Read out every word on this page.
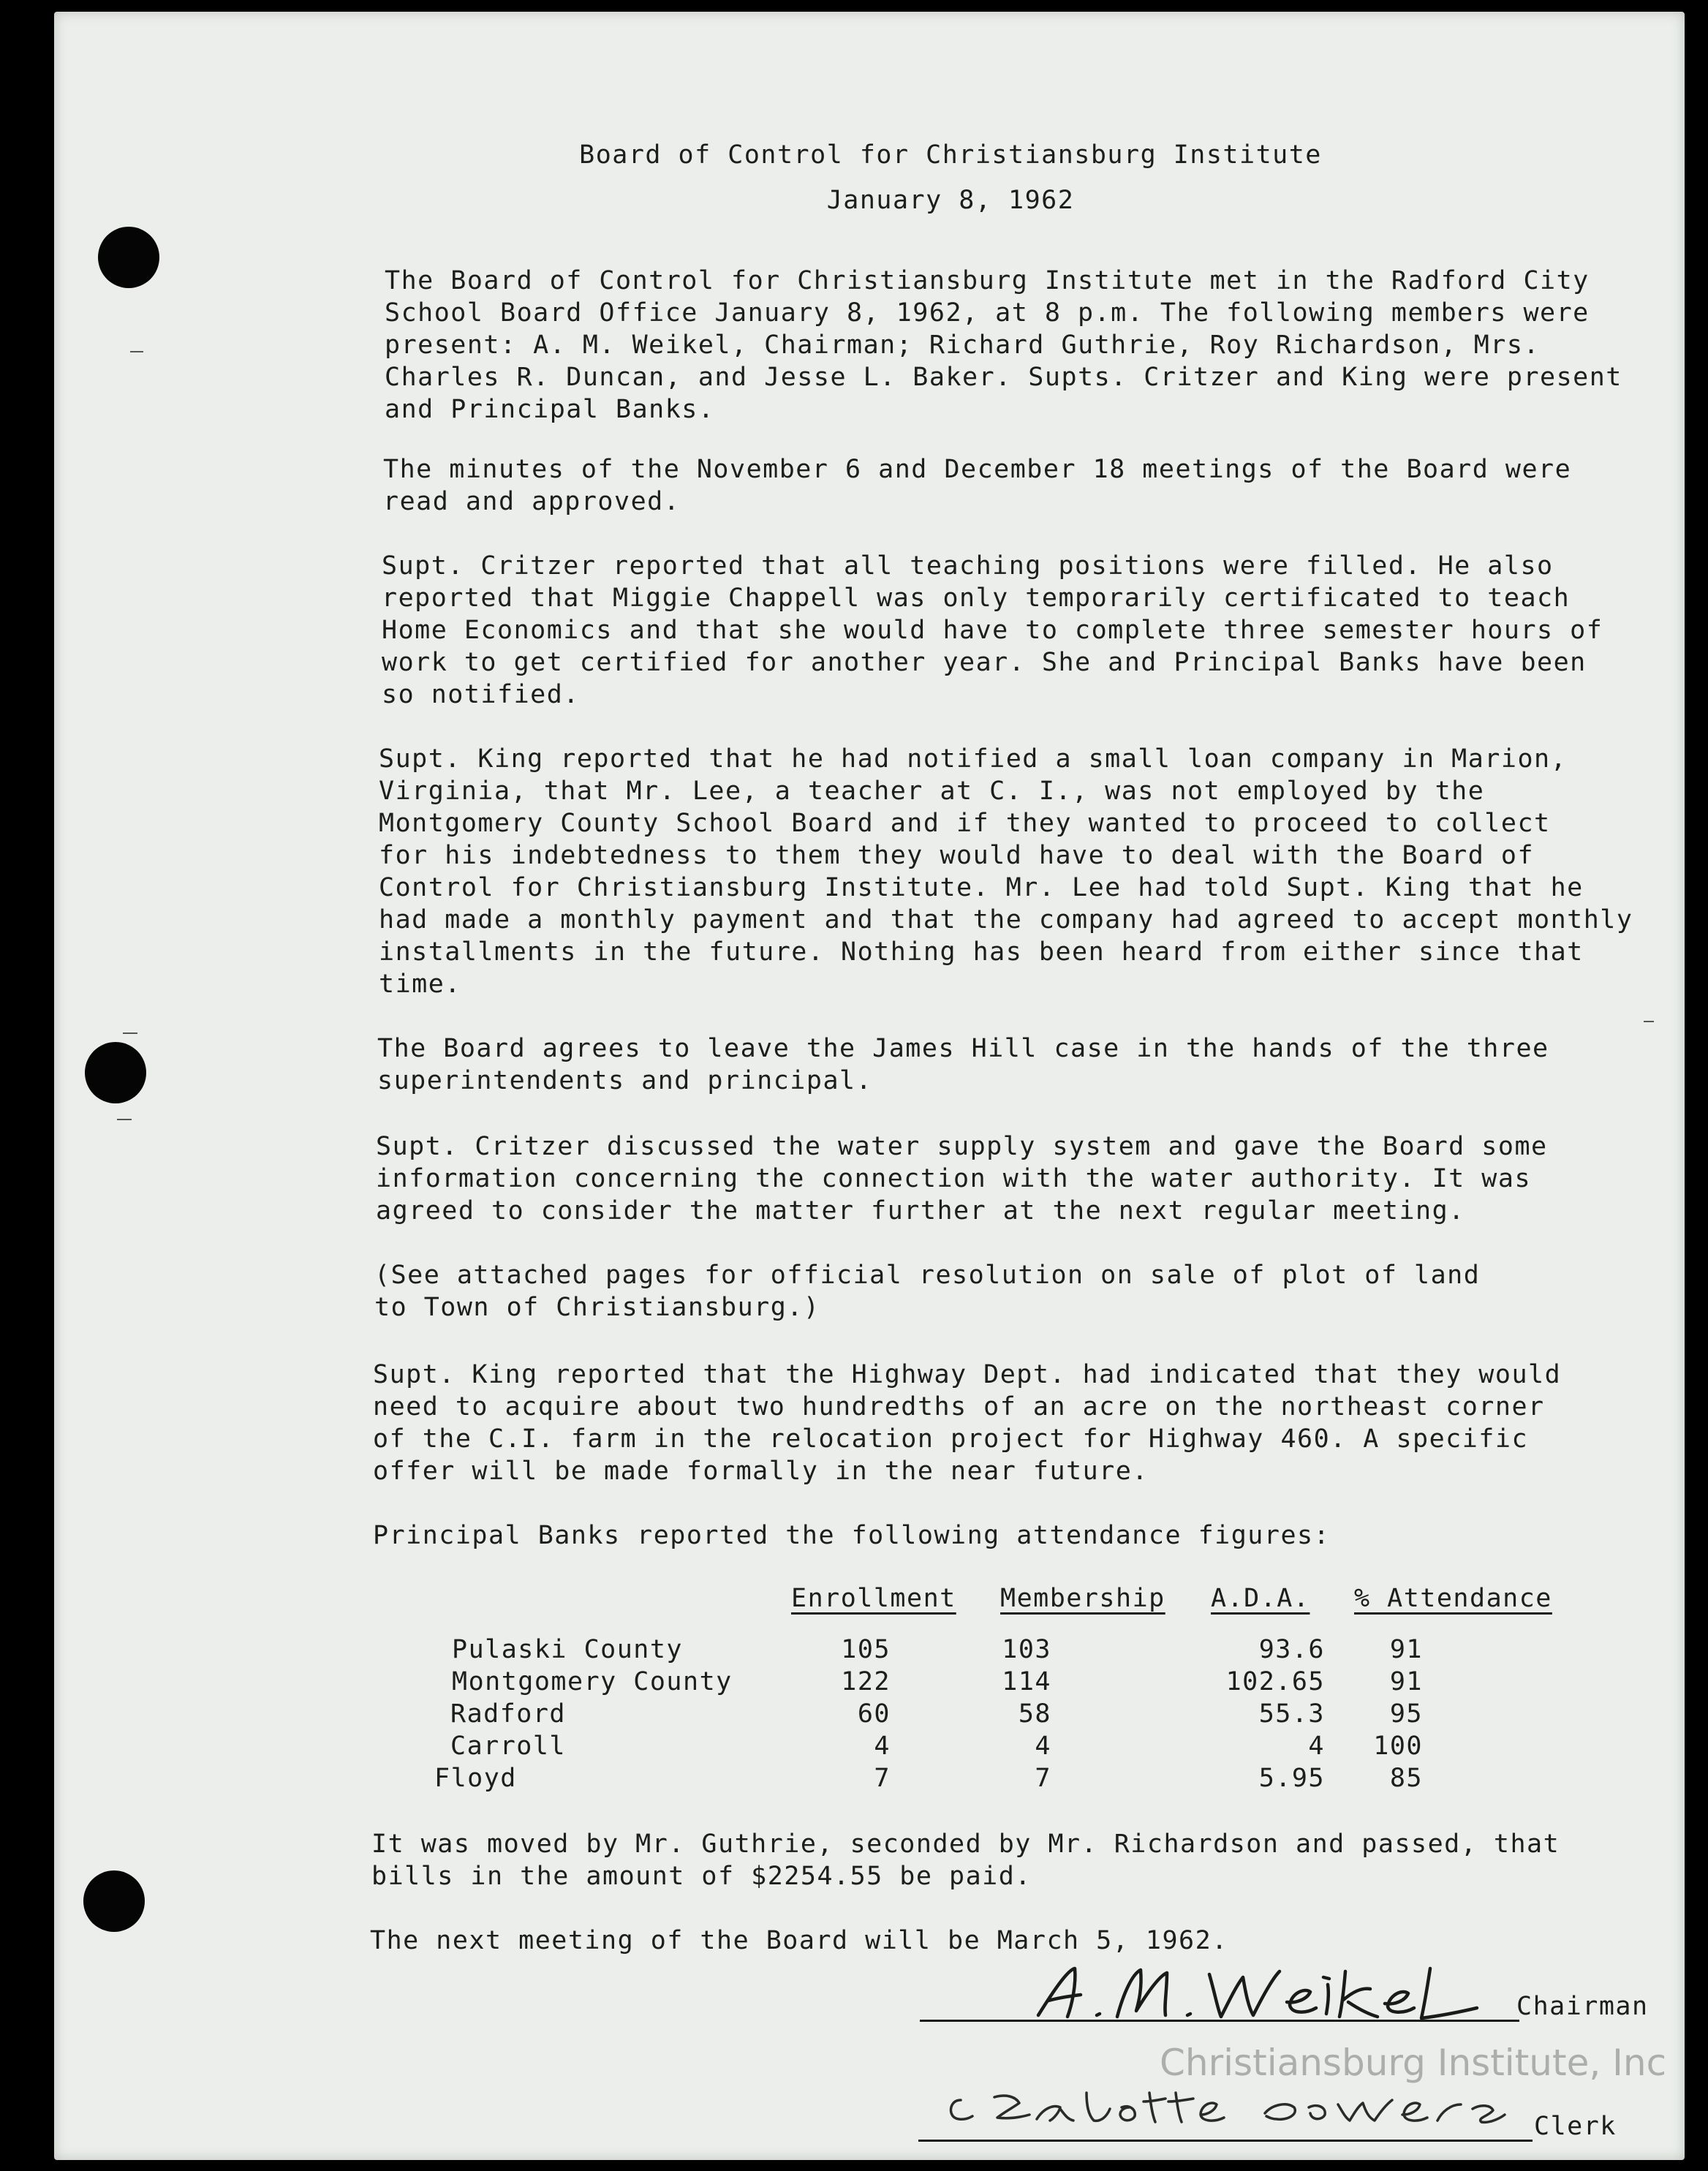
Board of Control for Christiansburg Institute
January 8, 1962
The Board of Control for Christiansburg Institute met in the Radford City
School Board Office January 8, 1962, at 8 p.m. The following members were
present: A. M. Weikel, Chairman; Richard Guthrie, Roy Richardson, Mrs.
Charles R. Duncan, and Jesse L. Baker. Supts. Critzer and King were present
and Principal Banks.
The minutes of the November 6 and December 18 meetings of the Board were
read and approved.
Supt. Critzer reported that all teaching positions were filled. He also
reported that Miggie Chappell was only temporarily certificated to teach
Home Economics and that she would have to complete three semester hours of
work to get certified for another year. She and Principal Banks have been
so notified.
Supt. King reported that he had notified a small loan company in Marion,
Virginia, that Mr. Lee, a teacher at C. I., was not employed by the
Montgomery County School Board and if they wanted to proceed to collect
for his indebtedness to them they would have to deal with the Board of
Control for Christiansburg Institute. Mr. Lee had told Supt. King that he
had made a monthly payment and that the company had agreed to accept monthly
installments in the future. Nothing has been heard from either since that
time.
The Board agrees to leave the James Hill case in the hands of the three
superintendents and principal.
Supt. Critzer discussed the water supply system and gave the Board some
information concerning the connection with the water authority. It was
agreed to consider the matter further at the next regular meeting.
(See attached pages for official resolution on sale of plot of land
to Town of Christiansburg.)
Supt. King reported that the Highway Dept. had indicated that they would
need to acquire about two hundredths of an acre on the northeast corner
of the C.I. farm in the relocation project for Highway 460. A specific
offer will be made formally in the near future.
Principal Banks reported the following attendance figures:
Enrollment Membership A.D.A. % Attendance
Pulaski County	105	103	93.6	91
Montgomery County	122	114	102.65	91
Radford	60	58	55.3	95
Carroll	4	4	4	100
Floyd	7	7	5.95	85
It was moved by Mr. Guthrie, seconded by Mr. Richardson and passed, that
bills in the amount of $2254.55 be paid.
The next meeting of the Board will be March 5, 1962.
Chairman
Christiansburg Institute, Inc
Clerk
